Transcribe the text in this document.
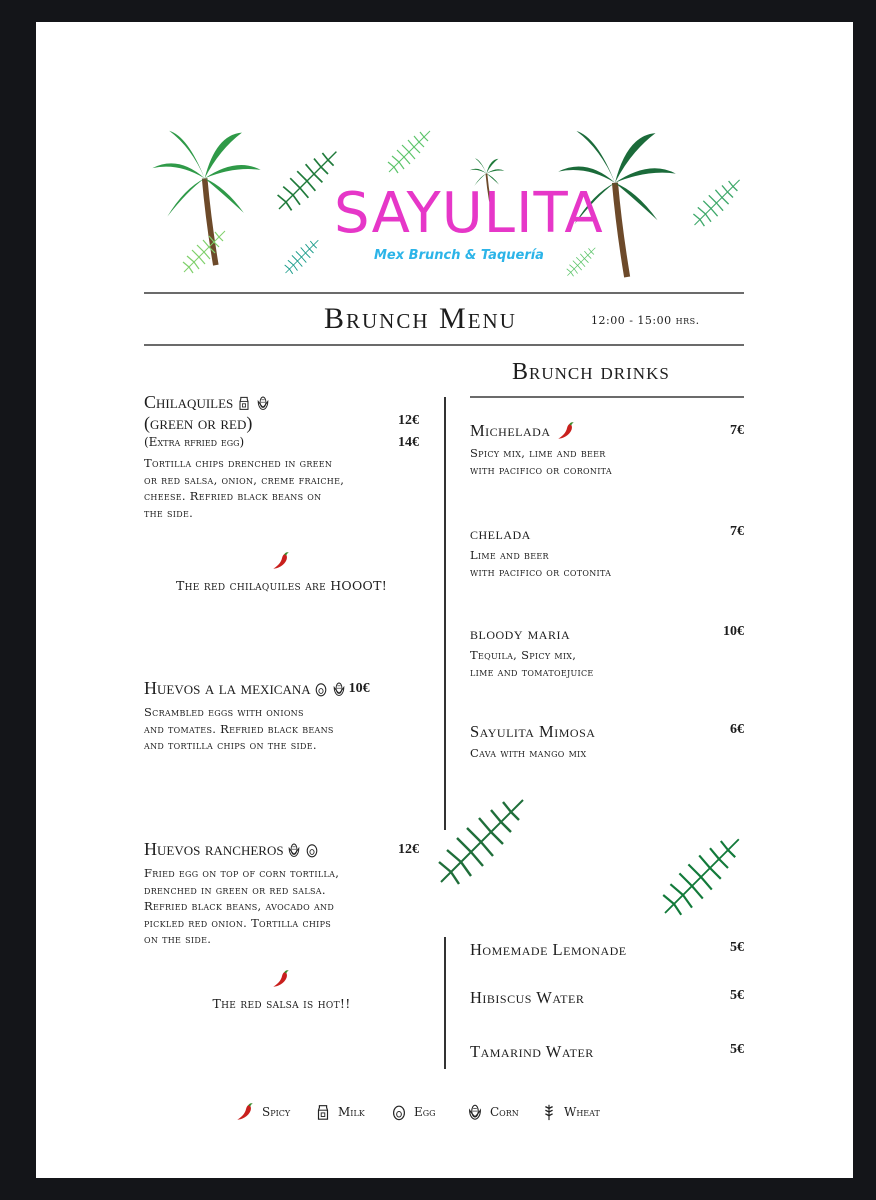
SAYULITA
Mex Brunch & Taquería
Brunch Menu	12:00 - 15:00 hrs.
Brunch drinks
Chilaquiles
(green or red)	12€
(Extra rfried egg)	14€
Tortilla chips drenched in green
or red salsa, onion, creme fraiche,
cheese. Refried black beans on
the side.
The red chilaquiles are HOOOT!
Huevos a la mexicana	10€
Scrambled eggs with onions
and tomates. Refried black beans
and tortilla chips on the side.
Huevos rancheros	12€
Fried egg on top of corn tortilla,
drenched in green or red salsa.
Refried black beans, avocado and
pickled red onion. Tortilla chips
on the side.
The red salsa is hot!!
Michelada	7€
Spicy mix, lime and beer
with pacifico or coronita
chelada	7€
Lime and beer
with pacifico or cotonita
bloody maria	10€
Tequila, Spicy mix,
lime and tomatoejuice
Sayulita Mimosa	6€
Cava with mango mix
Homemade Lemonade	5€
Hibiscus Water	5€
Tamarind Water	5€
Spicy	Milk	Egg	Corn	Wheat
